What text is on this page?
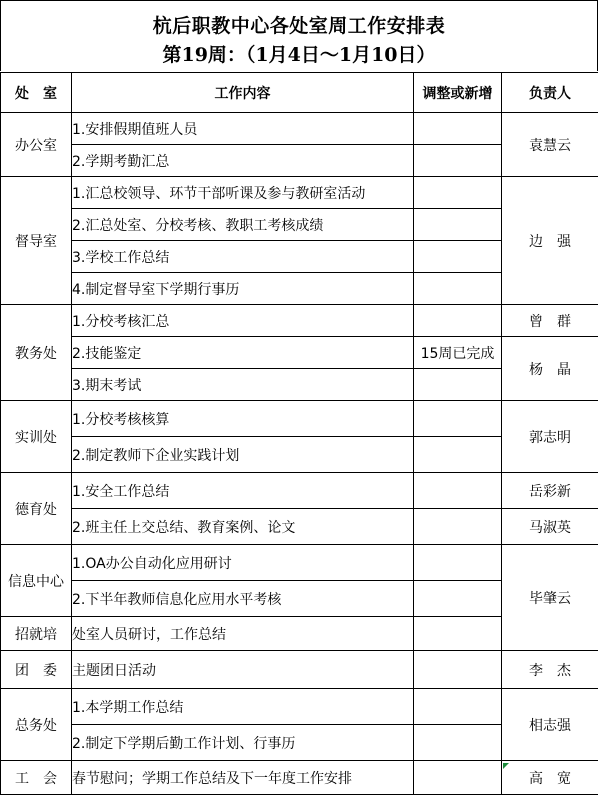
杭后职教中心各处室周工作安排表
第19周：（1月4日～1月10日）
处　室	工作内容	调整或新增	负责人
办公室	1.安排假期值班人员		袁慧云
	2.学期考勤汇总		
督导室	1.汇总校领导、环节干部听课及参与教研室活动		边　强
	2.汇总处室、分校考核、教职工考核成绩		
	3.学校工作总结		
	4.制定督导室下学期行事历		
教务处	1.分校考核汇总		曾　群
	2.技能鉴定	15周已完成	杨　晶
	3.期末考试		
实训处	1.分校考核核算		郭志明
	2.制定教师下企业实践计划		
德育处	1.安全工作总结		岳彩新
	2.班主任上交总结、教育案例、论文		马淑英
信息中心	1.OA办公自动化应用研讨		毕肇云
	2.下半年教师信息化应用水平考核		
招就培	处室人员研讨，工作总结		
团　委	主题团日活动		李　杰
总务处	1.本学期工作总结		相志强
	2.制定下学期后勤工作计划、行事历		
工　会	春节慰问；学期工作总结及下一年度工作安排		高　宽
